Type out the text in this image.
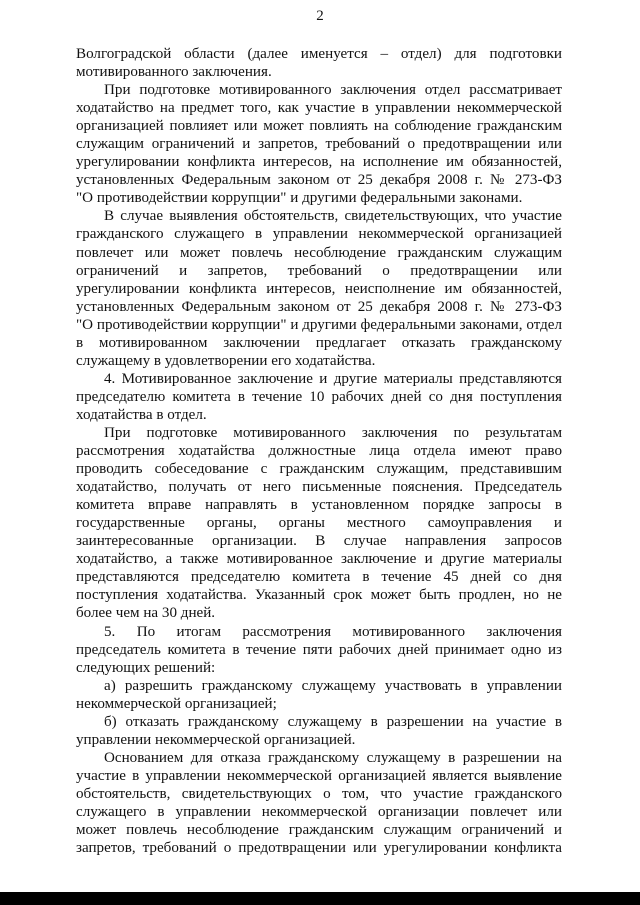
2
Волгоградской области (далее именуется – отдел) для подготовки
мотивированного заключения.
При подготовке мотивированного заключения отдел рассматривает
ходатайство на предмет того, как участие в управлении некоммерческой
организацией повлияет или может повлиять на соблюдение гражданским
служащим ограничений и запретов, требований о предотвращении или
урегулировании конфликта интересов, на исполнение им обязанностей,
установленных Федеральным законом от 25 декабря 2008 г. № 273-ФЗ
"О противодействии коррупции" и другими федеральными законами.
В случае выявления обстоятельств, свидетельствующих, что участие
гражданского служащего в управлении некоммерческой организацией
повлечет или может повлечь несоблюдение гражданским служащим
ограничений и запретов, требований о предотвращении или
урегулировании конфликта интересов, неисполнение им обязанностей,
установленных Федеральным законом от 25 декабря 2008 г. № 273-ФЗ
"О противодействии коррупции" и другими федеральными законами, отдел
в мотивированном заключении предлагает отказать гражданскому
служащему в удовлетворении его ходатайства.
4. Мотивированное заключение и другие материалы представляются
председателю комитета в течение 10 рабочих дней со дня поступления
ходатайства в отдел.
При подготовке мотивированного заключения по результатам
рассмотрения ходатайства должностные лица отдела имеют право
проводить собеседование с гражданским служащим, представившим
ходатайство, получать от него письменные пояснения. Председатель
комитета вправе направлять в установленном порядке запросы в
государственные органы, органы местного самоуправления и
заинтересованные организации. В случае направления запросов
ходатайство, а также мотивированное заключение и другие материалы
представляются председателю комитета в течение 45 дней со дня
поступления ходатайства. Указанный срок может быть продлен, но не
более чем на 30 дней.
5. По итогам рассмотрения мотивированного заключения
председатель комитета в течение пяти рабочих дней принимает одно из
следующих решений:
а) разрешить гражданскому служащему участвовать в управлении
некоммерческой организацией;
б) отказать гражданскому служащему в разрешении на участие в
управлении некоммерческой организацией.
Основанием для отказа гражданскому служащему в разрешении на
участие в управлении некоммерческой организацией является выявление
обстоятельств, свидетельствующих о том, что участие гражданского
служащего в управлении некоммерческой организации повлечет или
может повлечь несоблюдение гражданским служащим ограничений и
запретов, требований о предотвращении или урегулировании конфликта
